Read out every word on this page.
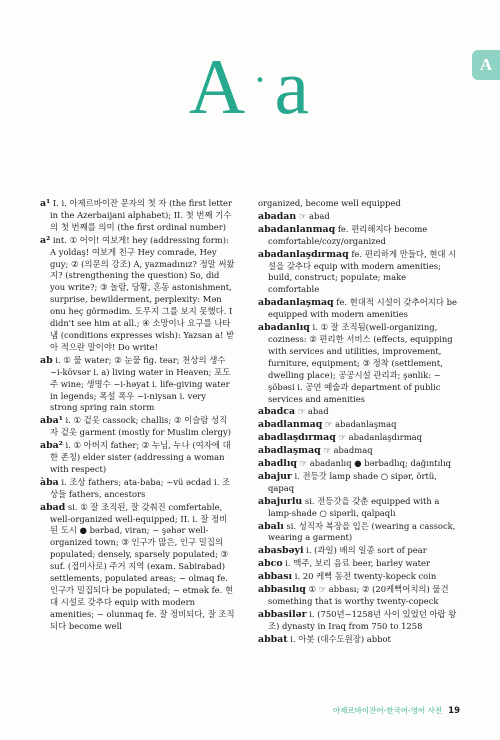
A
A ·a

a¹ I. i. 아제르바이잔 문자의 첫 자 (the first letter in the Azerbaijani alphabet); II. 첫 번째 기수의 첫 번째를 의미 (the first ordinal number)

a² int. ① 어이! 여보게! hey (addressing form): A yoldaş! 여보게 친구 Hey comrade, Hey guy; ② (의문의 강조) A, yazmadınız? 정말 써왔지? (strengthening the question) So, did you write?; ③ 놀람, 당황, 혼동 astonishment, surprise, bewilderment, perplexity: Mən onu heç görmədim. 도무지 그를 보지 못했다. I didn't see him at all.; ④ 소망이나 요구를 나타냄 (conditions expresses wish): Yazsan a! 받아 적으란 말이야! Do write!

ab i. ① 물 water; ② 눈물 fig. tear; 천상의 생수 ~i-kövsər i. a) living water in Heaven; 포도주 wine; 생명수 ~i-həyat i. life-giving water in legends; 폭설 폭우 ~i-niysan i. very strong spring rain storm

aba¹ i. ① 겉옷 cassock; challis; ② 이슬람 성직자 겉옷 garment (mostly for Muslim clergy)

aba² i. ① 아버지 father; ② 누님, 누나 (여자에 대한 존칭) elder sister (addressing a woman with respect)

àba i. 조상 fathers; ata-baba; ~vü əcdad i. 조상들 fathers, ancestors

abad si. ① 잘 조직된, 잘 갖춰진 comfertable, well-organized well-equipped; II. i. 잘 정비된 도시 ● bərbad, viran; ~ şəhər well-organized town; ③ 인구가 많은, 인구 밀집의 populated; densely, sparsely populated; ③ suf. (접미사로) 주거 지역 (exam. Sabirabad) settlements, populated areas; ~ olmaq fe. 인구가 밀집되다 be populated; ~ etmək fe. 현대 시설로 갖추다 equip with modern amenities; ~ olunmaq fe. 잘 정비되다, 잘 조직되다 become well

organized, become well equipped

abadan ☞ abad

abadanlanmaq fe. 편리해지다 become comfortable/cozy/organized

abadanlaşdırmaq fe. 편리하게 만들다, 현대 시설을 갖추다 equip with modern amenities; build, construct; populate; make comfortable

abadanlaşmaq fe. 현대적 시설이 갖추어지다 be equipped with modern amenities

abadanlıq i. ① 잘 조직됨(well-organizing, coziness: ② 편리한 서비스 (effects, equipping with services and utilities, improvement, furniture, equipment; ③ 정착 (settlement, dwelling place); 공공시설 관리과; şənlik: ~ şöbəsi i. 공연 예술과 department of public services and amenities

abadca ☞ abad

abadlanmaq ☞ abadanlaşmaq

abadlaşdırmaq ☞ abadanlaşdırmaq

abadlaşmaq ☞ abadmaq

abadlıq ☞ abadanlıq ● bərbadlıq; dağıntılıq

abajur i. 전등갓 lamp shade ○ sipər, örtü, qapaq

abajurlu si. 전등갓을 갖춘 equipped with a lamp-shade ○ sipərli, qalpaqlı

abalı si. 성직자 복장을 입은 (wearing a cassock, wearing a garment)

abasbəyi i. (과일) 배의 일종 sort of pear

abcо i. 맥주, 보리 음료 beer, barley water

abbası i. 20 케뻑 동전 twenty-kopeck coin

abbasılıq ① ☞ abbası; ② (20케뻑어치의) 물건 something that is worthy twenty-copeck

abbasilər i. (750년~1258년 사이 있었던 아랍 왕조) dynasty in Iraq from 750 to 1258

abbat i. 아봇 (대수도원장) abbot

아제르바이잔어-한국어-영어 사전 19
